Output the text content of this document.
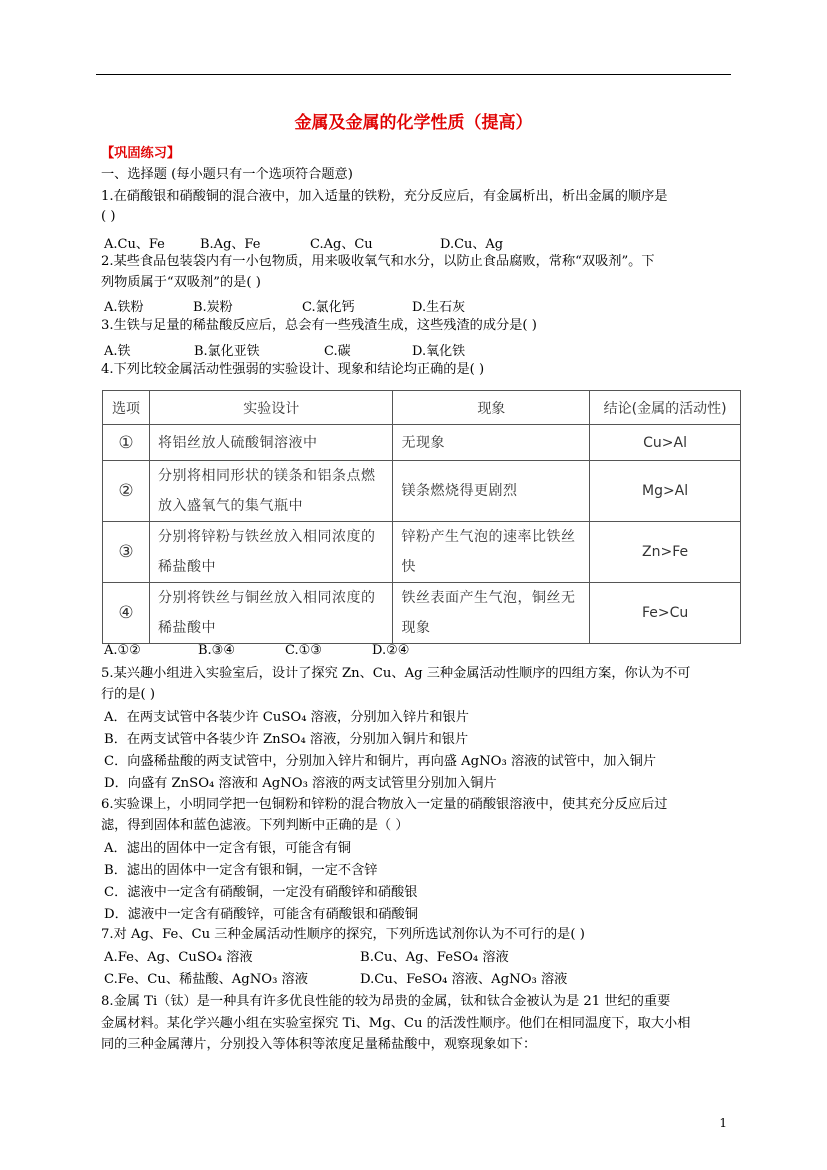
金属及金属的化学性质（提高）
【巩固练习】
一、选择题 (每小题只有一个选项符合题意)
1.在硝酸银和硝酸铜的混合液中，加入适量的铁粉，充分反应后，有金属析出，析出金属的顺序是
( )
A.Cu、Fe	B.Ag、Fe	C.Ag、Cu	D.Cu、Ag
2.某些食品包装袋内有一小包物质，用来吸收氧气和水分，以防止食品腐败，常称“双吸剂”。下
列物质属于“双吸剂”的是( )
A.铁粉	B.炭粉	C.氯化钙	D.生石灰
3.生铁与足量的稀盐酸反应后，总会有一些残渣生成，这些残渣的成分是( )
A.铁	B.氯化亚铁	C.碳	D.氧化铁
4.下列比较金属活动性强弱的实验设计、现象和结论均正确的是( )
选项	实验设计	现象	结论(金属的活动性)
①	将铝丝放人硫酸铜溶液中	无现象	Cu>Al
②	分别将相同形状的镁条和铝条点燃放入盛氧气的集气瓶中	镁条燃烧得更剧烈	Mg>Al
③	分别将锌粉与铁丝放入相同浓度的稀盐酸中	锌粉产生气泡的速率比铁丝快	Zn>Fe
④	分别将铁丝与铜丝放入相同浓度的稀盐酸中	铁丝表面产生气泡，铜丝无现象	Fe>Cu
A.①②	B.③④	C.①③	D.②④
5.某兴趣小组进入实验室后，设计了探究 Zn、Cu、Ag 三种金属活动性顺序的四组方案，你认为不可
行的是( )
A．在两支试管中各装少许 CuSO₄ 溶液，分别加入锌片和银片
B．在两支试管中各装少许 ZnSO₄ 溶液，分别加入铜片和银片
C．向盛稀盐酸的两支试管中，分别加入锌片和铜片，再向盛 AgNO₃ 溶液的试管中，加入铜片
D．向盛有 ZnSO₄ 溶液和 AgNO₃ 溶液的两支试管里分别加入铜片
6.实验课上，小明同学把一包铜粉和锌粉的混合物放入一定量的硝酸银溶液中，使其充分反应后过
滤，得到固体和蓝色滤液。下列判断中正确的是（ ）
A．滤出的固体中一定含有银，可能含有铜
B．滤出的固体中一定含有银和铜，一定不含锌
C．滤液中一定含有硝酸铜，一定没有硝酸锌和硝酸银
D．滤液中一定含有硝酸锌，可能含有硝酸银和硝酸铜
7.对 Ag、Fe、Cu 三种金属活动性顺序的探究，下列所选试剂你认为不可行的是( )
A.Fe、Ag、CuSO₄ 溶液	B.Cu、Ag、FeSO₄ 溶液
C.Fe、Cu、稀盐酸、AgNO₃ 溶液	D.Cu、FeSO₄ 溶液、AgNO₃ 溶液
8.金属 Ti（钛）是一种具有许多优良性能的较为昂贵的金属，钛和钛合金被认为是 21 世纪的重要
金属材料。某化学兴趣小组在实验室探究 Ti、Mg、Cu 的活泼性顺序。他们在相同温度下，取大小相
同的三种金属薄片，分别投入等体积等浓度足量稀盐酸中，观察现象如下：
1
